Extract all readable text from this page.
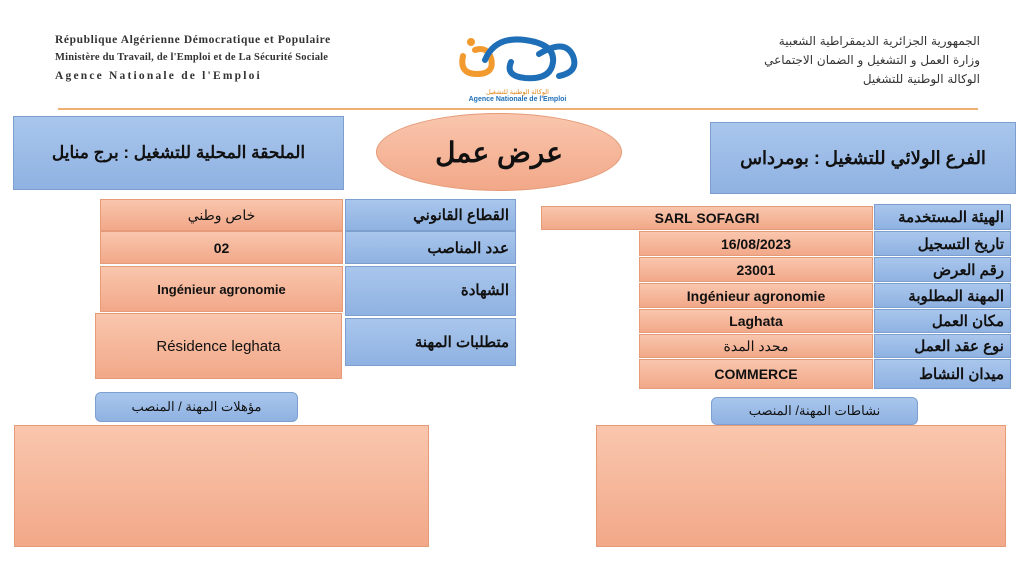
République Algérienne Démocratique et Populaire
Ministère du Travail, de l'Emploi et de La Sécurité Sociale
Agence Nationale de l'Emploi
الوكالة الوطنية للتشغيل
Agence Nationale de l'Emploi
الجمهورية الجزائرية الديمقراطية الشعبية
وزارة العمل و التشغيل و الضمان الاجتماعي
الوكالة الوطنية للتشغيل
الملحقة المحلية للتشغيل : برج منايل	عرض عمل	الفرع الولائي للتشغيل : بومرداس
خاص وطني	القطاع القانوني
02	عدد المناصب
Ingénieur agronomie	الشهادة
Résidence leghata	متطلبات المهنة
SARL SOFAGRI	الهيئة المستخدمة
16/08/2023	تاريخ التسجيل
23001	رقم العرض
Ingénieur agronomie	المهنة المطلوبة
Laghata	مكان العمل
محدد المدة	نوع عقد العمل
COMMERCE	ميدان النشاط
مؤهلات المهنة / المنصب	نشاطات المهنة/ المنصب
